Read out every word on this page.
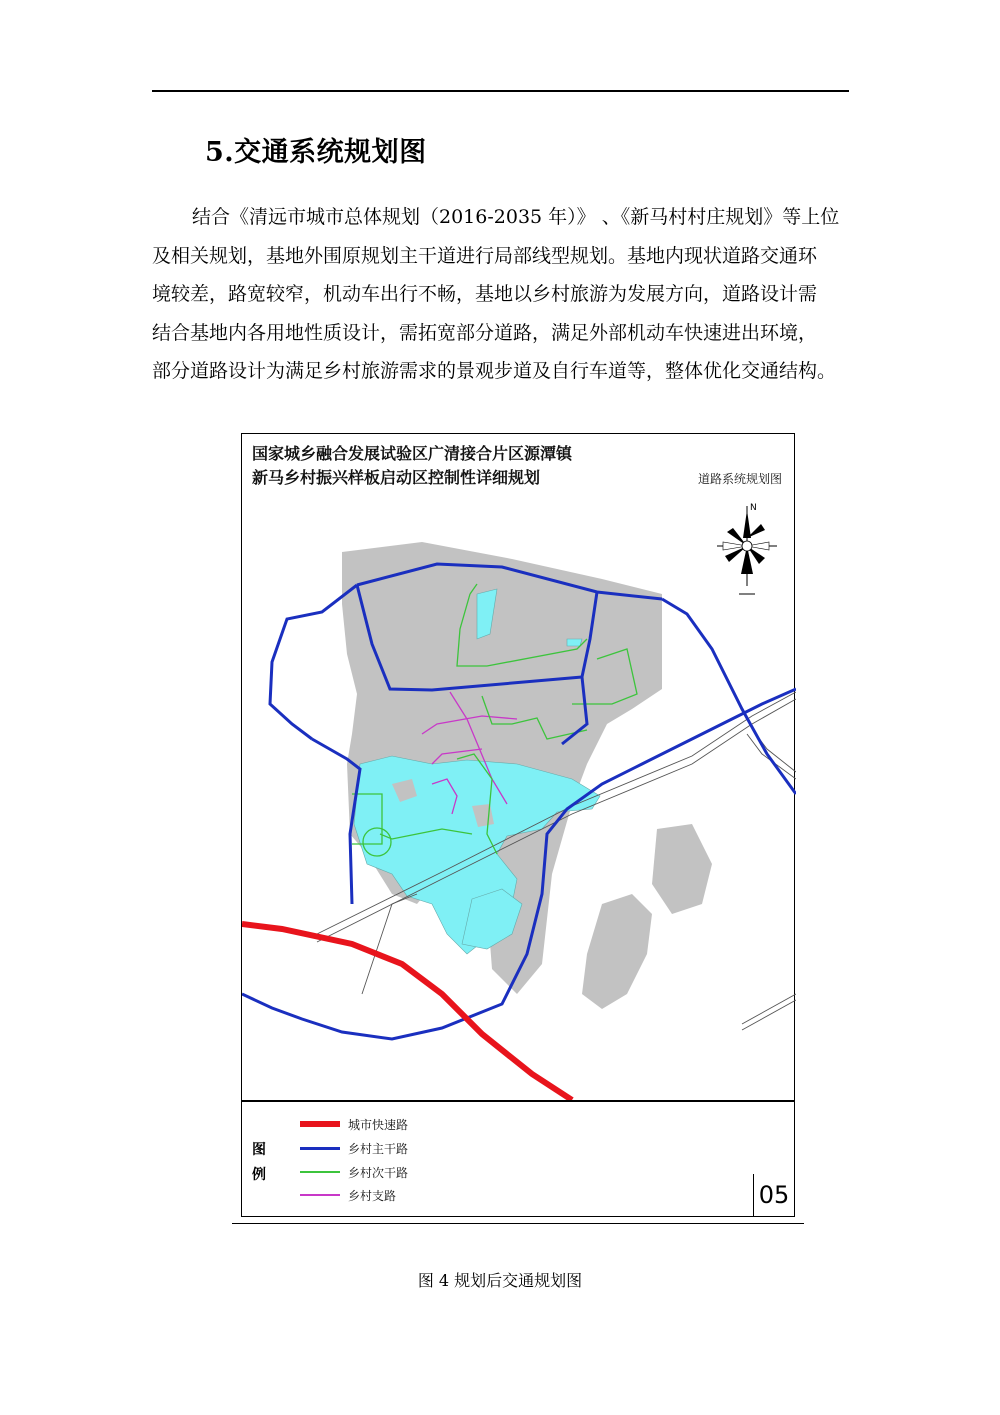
5.交通系统规划图

结合《清远市城市总体规划（2016-2035 年）》 、《新马村村庄规划》等上位
及相关规划，基地外围原规划主干道进行局部线型规划。基地内现状道路交通环
境较差，路宽较窄，机动车出行不畅，基地以乡村旅游为发展方向，道路设计需
结合基地内各用地性质设计，需拓宽部分道路，满足外部机动车快速进出环境，
部分道路设计为满足乡村旅游需求的景观步道及自行车道等，整体优化交通结构。

N
国家城乡融合发展试验区广清接合片区源潭镇
新马乡村振兴样板启动区控制性详细规划	道路系统规划图
图
例
城市快速路
乡村主干路
乡村次干路
乡村支路	05
图 4 规划后交通规划图
